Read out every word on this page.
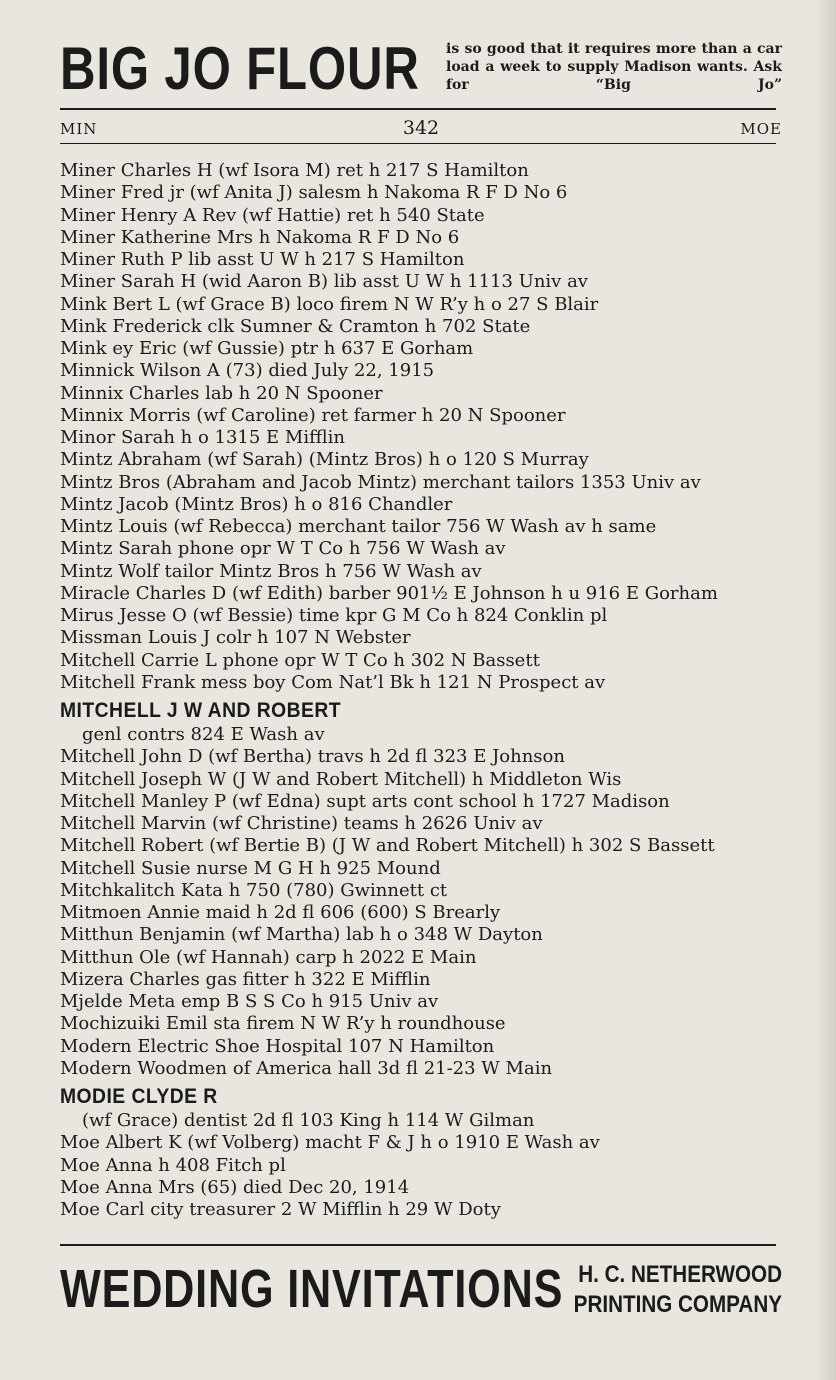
BIG JO FLOUR is so good that it requires more than a car load a week to supply Madison wants. Ask for “Big Jo”
MIN	342	MOE
Miner Charles H (wf Isora M) ret h 217 S Hamilton
Miner Fred jr (wf Anita J) salesm h Nakoma R F D No 6
Miner Henry A Rev (wf Hattie) ret h 540 State
Miner Katherine Mrs h Nakoma R F D No 6
Miner Ruth P lib asst U W h 217 S Hamilton
Miner Sarah H (wid Aaron B) lib asst U W h 1113 Univ av
Mink Bert L (wf Grace B) loco firem N W R’y h o 27 S Blair
Mink Frederick clk Sumner & Cramton h 702 State
Mink ey Eric (wf Gussie) ptr h 637 E Gorham
Minnick Wilson A (73) died July 22, 1915
Minnix Charles lab h 20 N Spooner
Minnix Morris (wf Caroline) ret farmer h 20 N Spooner
Minor Sarah h o 1315 E Mifflin
Mintz Abraham (wf Sarah) (Mintz Bros) h o 120 S Murray
Mintz Bros (Abraham and Jacob Mintz) merchant tailors 1353 Univ av
Mintz Jacob (Mintz Bros) h o 816 Chandler
Mintz Louis (wf Rebecca) merchant tailor 756 W Wash av h same
Mintz Sarah phone opr W T Co h 756 W Wash av
Mintz Wolf tailor Mintz Bros h 756 W Wash av
Miracle Charles D (wf Edith) barber 901½ E Johnson h u 916 E Gorham
Mirus Jesse O (wf Bessie) time kpr G M Co h 824 Conklin pl
Missman Louis J colr h 107 N Webster
Mitchell Carrie L phone opr W T Co h 302 N Bassett
Mitchell Frank mess boy Com Nat’l Bk h 121 N Prospect av
MITCHELL J W AND ROBERT
genl contrs 824 E Wash av
Mitchell John D (wf Bertha) travs h 2d fl 323 E Johnson
Mitchell Joseph W (J W and Robert Mitchell) h Middleton Wis
Mitchell Manley P (wf Edna) supt arts cont school h 1727 Madison
Mitchell Marvin (wf Christine) teams h 2626 Univ av
Mitchell Robert (wf Bertie B) (J W and Robert Mitchell) h 302 S Bassett
Mitchell Susie nurse M G H h 925 Mound
Mitchkalitch Kata h 750 (780) Gwinnett ct
Mitmoen Annie maid h 2d fl 606 (600) S Brearly
Mitthun Benjamin (wf Martha) lab h o 348 W Dayton
Mitthun Ole (wf Hannah) carp h 2022 E Main
Mizera Charles gas fitter h 322 E Mifflin
Mjelde Meta emp B S S Co h 915 Univ av
Mochizuiki Emil sta firem N W R’y h roundhouse
Modern Electric Shoe Hospital 107 N Hamilton
Modern Woodmen of America hall 3d fl 21-23 W Main
MODIE CLYDE R
(wf Grace) dentist 2d fl 103 King h 114 W Gilman
Moe Albert K (wf Volberg) macht F & J h o 1910 E Wash av
Moe Anna h 408 Fitch pl
Moe Anna Mrs (65) died Dec 20, 1914
Moe Carl city treasurer 2 W Mifflin h 29 W Doty
WEDDING INVITATIONS H. C. NETHERWOOD
PRINTING COMPANY
